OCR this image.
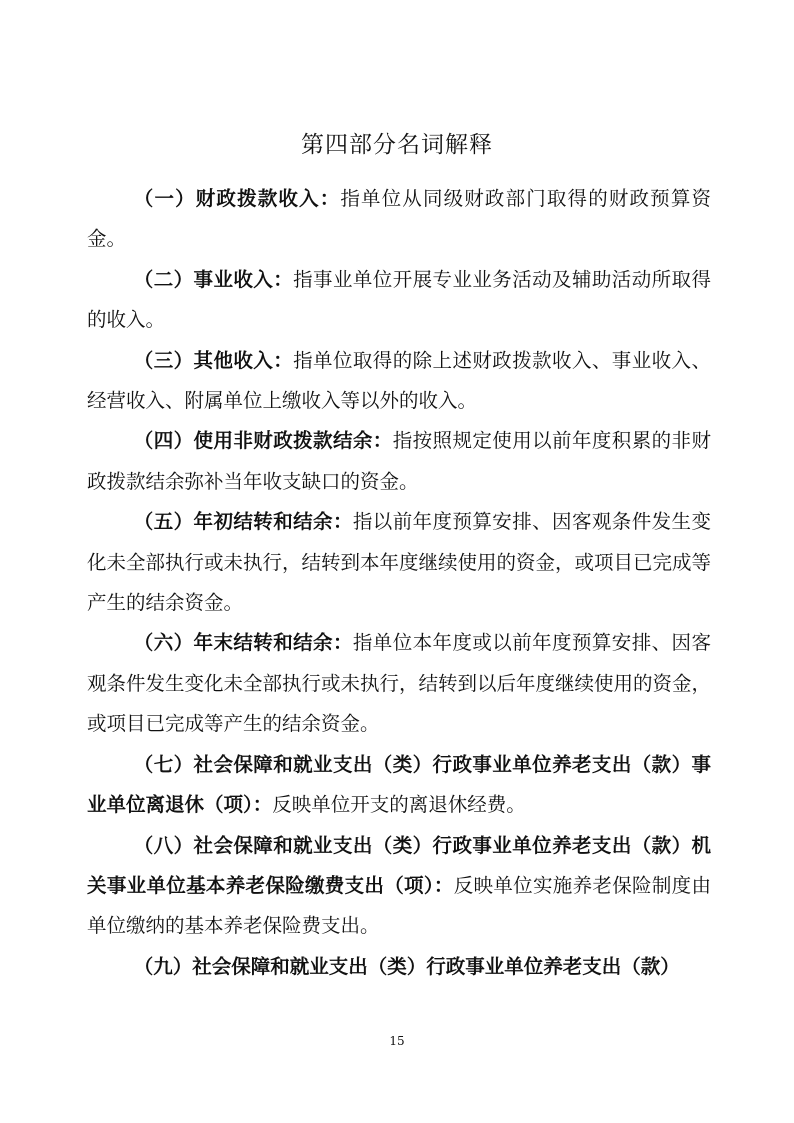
第四部分名词解释

（一）财政拨款收入：指单位从同级财政部门取得的财政预算资金。

（二）事业收入：指事业单位开展专业业务活动及辅助活动所取得的收入。

（三）其他收入：指单位取得的除上述财政拨款收入、事业收入、经营收入、附属单位上缴收入等以外的收入。

（四）使用非财政拨款结余：指按照规定使用以前年度积累的非财政拨款结余弥补当年收支缺口的资金。

（五）年初结转和结余：指以前年度预算安排、因客观条件发生变化未全部执行或未执行，结转到本年度继续使用的资金，或项目已完成等产生的结余资金。

（六）年末结转和结余：指单位本年度或以前年度预算安排、因客观条件发生变化未全部执行或未执行，结转到以后年度继续使用的资金，或项目已完成等产生的结余资金。

（七）社会保障和就业支出（类）行政事业单位养老支出（款）事业单位离退休（项）：反映单位开支的离退休经费。

（八）社会保障和就业支出（类）行政事业单位养老支出（款）机关事业单位基本养老保险缴费支出（项）：反映单位实施养老保险制度由单位缴纳的基本养老保险费支出。

（九）社会保障和就业支出（类）行政事业单位养老支出（款）

15
